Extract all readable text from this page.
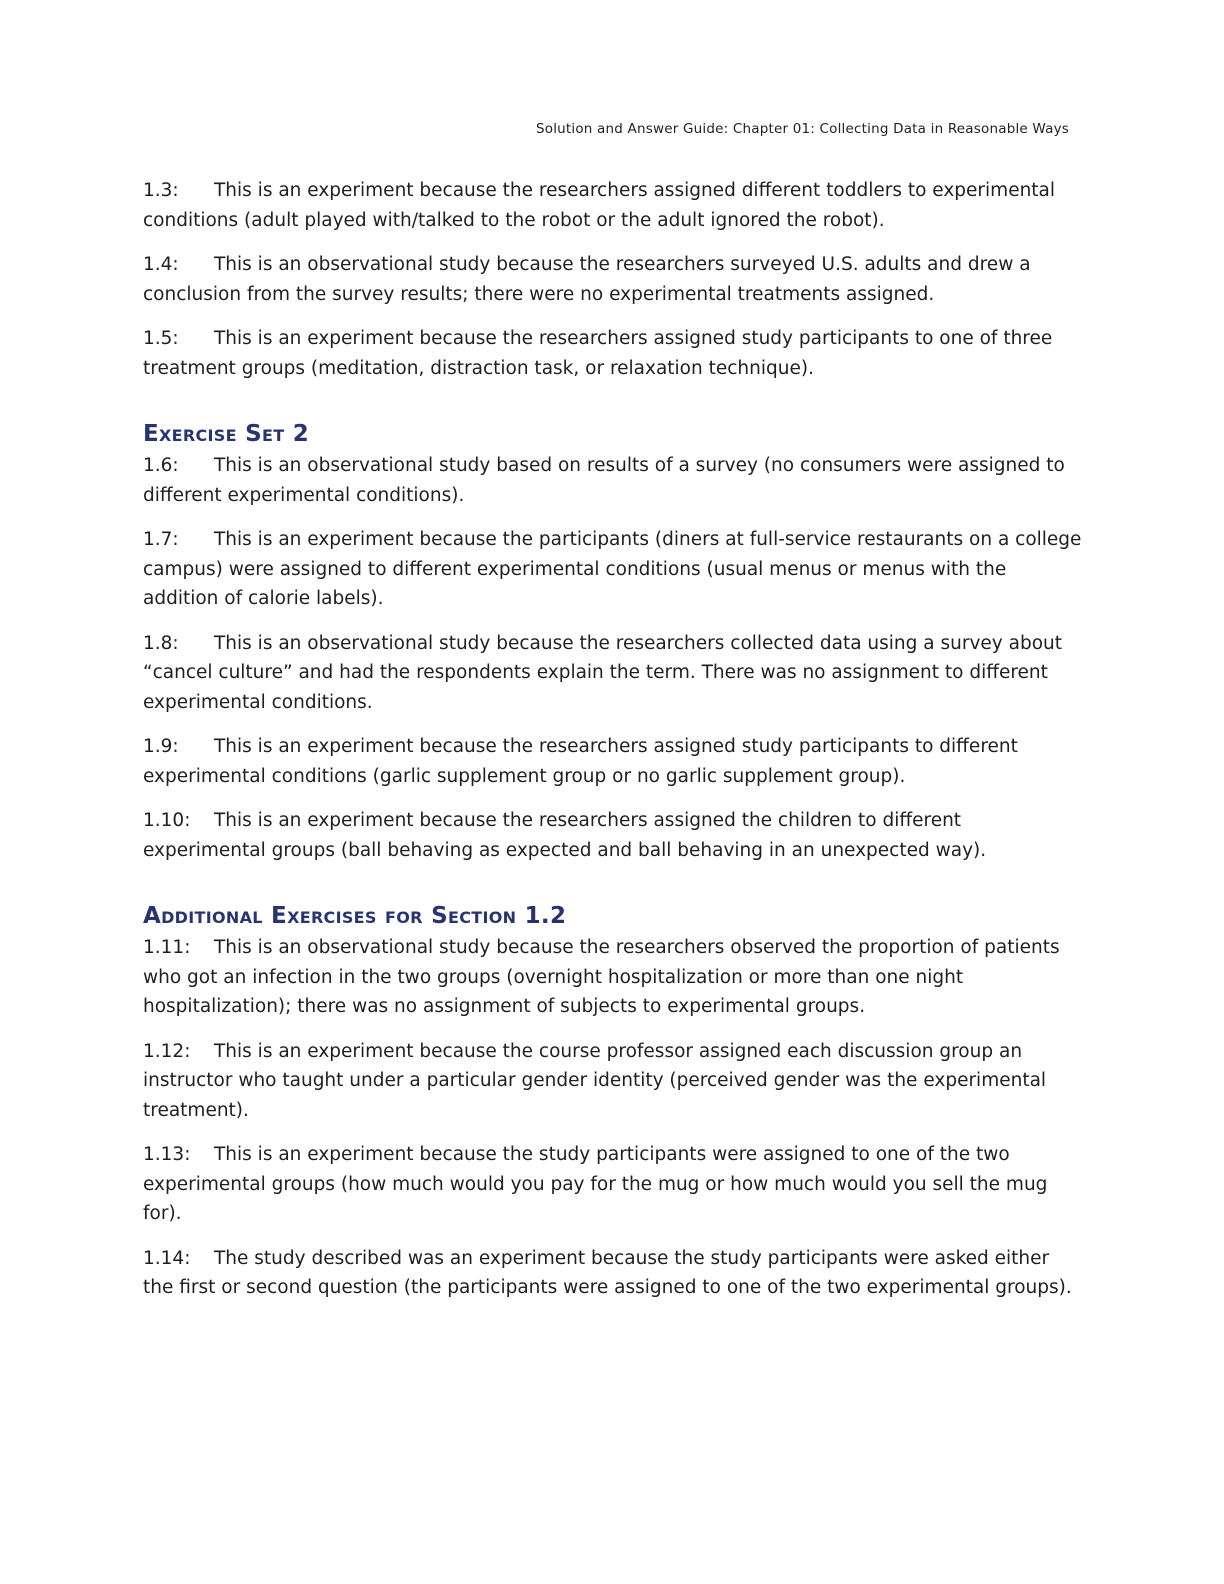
Solution and Answer Guide: Chapter 01: Collecting Data in Reasonable Ways

1.3: This is an experiment because the researchers assigned different toddlers to experimental conditions (adult played with/talked to the robot or the adult ignored the robot).

1.4: This is an observational study because the researchers surveyed U.S. adults and drew a conclusion from the survey results; there were no experimental treatments assigned.

1.5: This is an experiment because the researchers assigned study participants to one of three treatment groups (meditation, distraction task, or relaxation technique).

Exercise Set 2

1.6: This is an observational study based on results of a survey (no consumers were assigned to different experimental conditions).

1.7: This is an experiment because the participants (diners at full-service restaurants on a college campus) were assigned to different experimental conditions (usual menus or menus with the addition of calorie labels).

1.8: This is an observational study because the researchers collected data using a survey about “cancel culture” and had the respondents explain the term. There was no assignment to different experimental conditions.

1.9: This is an experiment because the researchers assigned study participants to different experimental conditions (garlic supplement group or no garlic supplement group).

1.10: This is an experiment because the researchers assigned the children to different experimental groups (ball behaving as expected and ball behaving in an unexpected way).

Additional Exercises for Section 1.2

1.11: This is an observational study because the researchers observed the proportion of patients who got an infection in the two groups (overnight hospitalization or more than one night hospitalization); there was no assignment of subjects to experimental groups.

1.12: This is an experiment because the course professor assigned each discussion group an instructor who taught under a particular gender identity (perceived gender was the experimental treatment).

1.13: This is an experiment because the study participants were assigned to one of the two experimental groups (how much would you pay for the mug or how much would you sell the mug for).

1.14: The study described was an experiment because the study participants were asked either the first or second question (the participants were assigned to one of the two experimental groups).
